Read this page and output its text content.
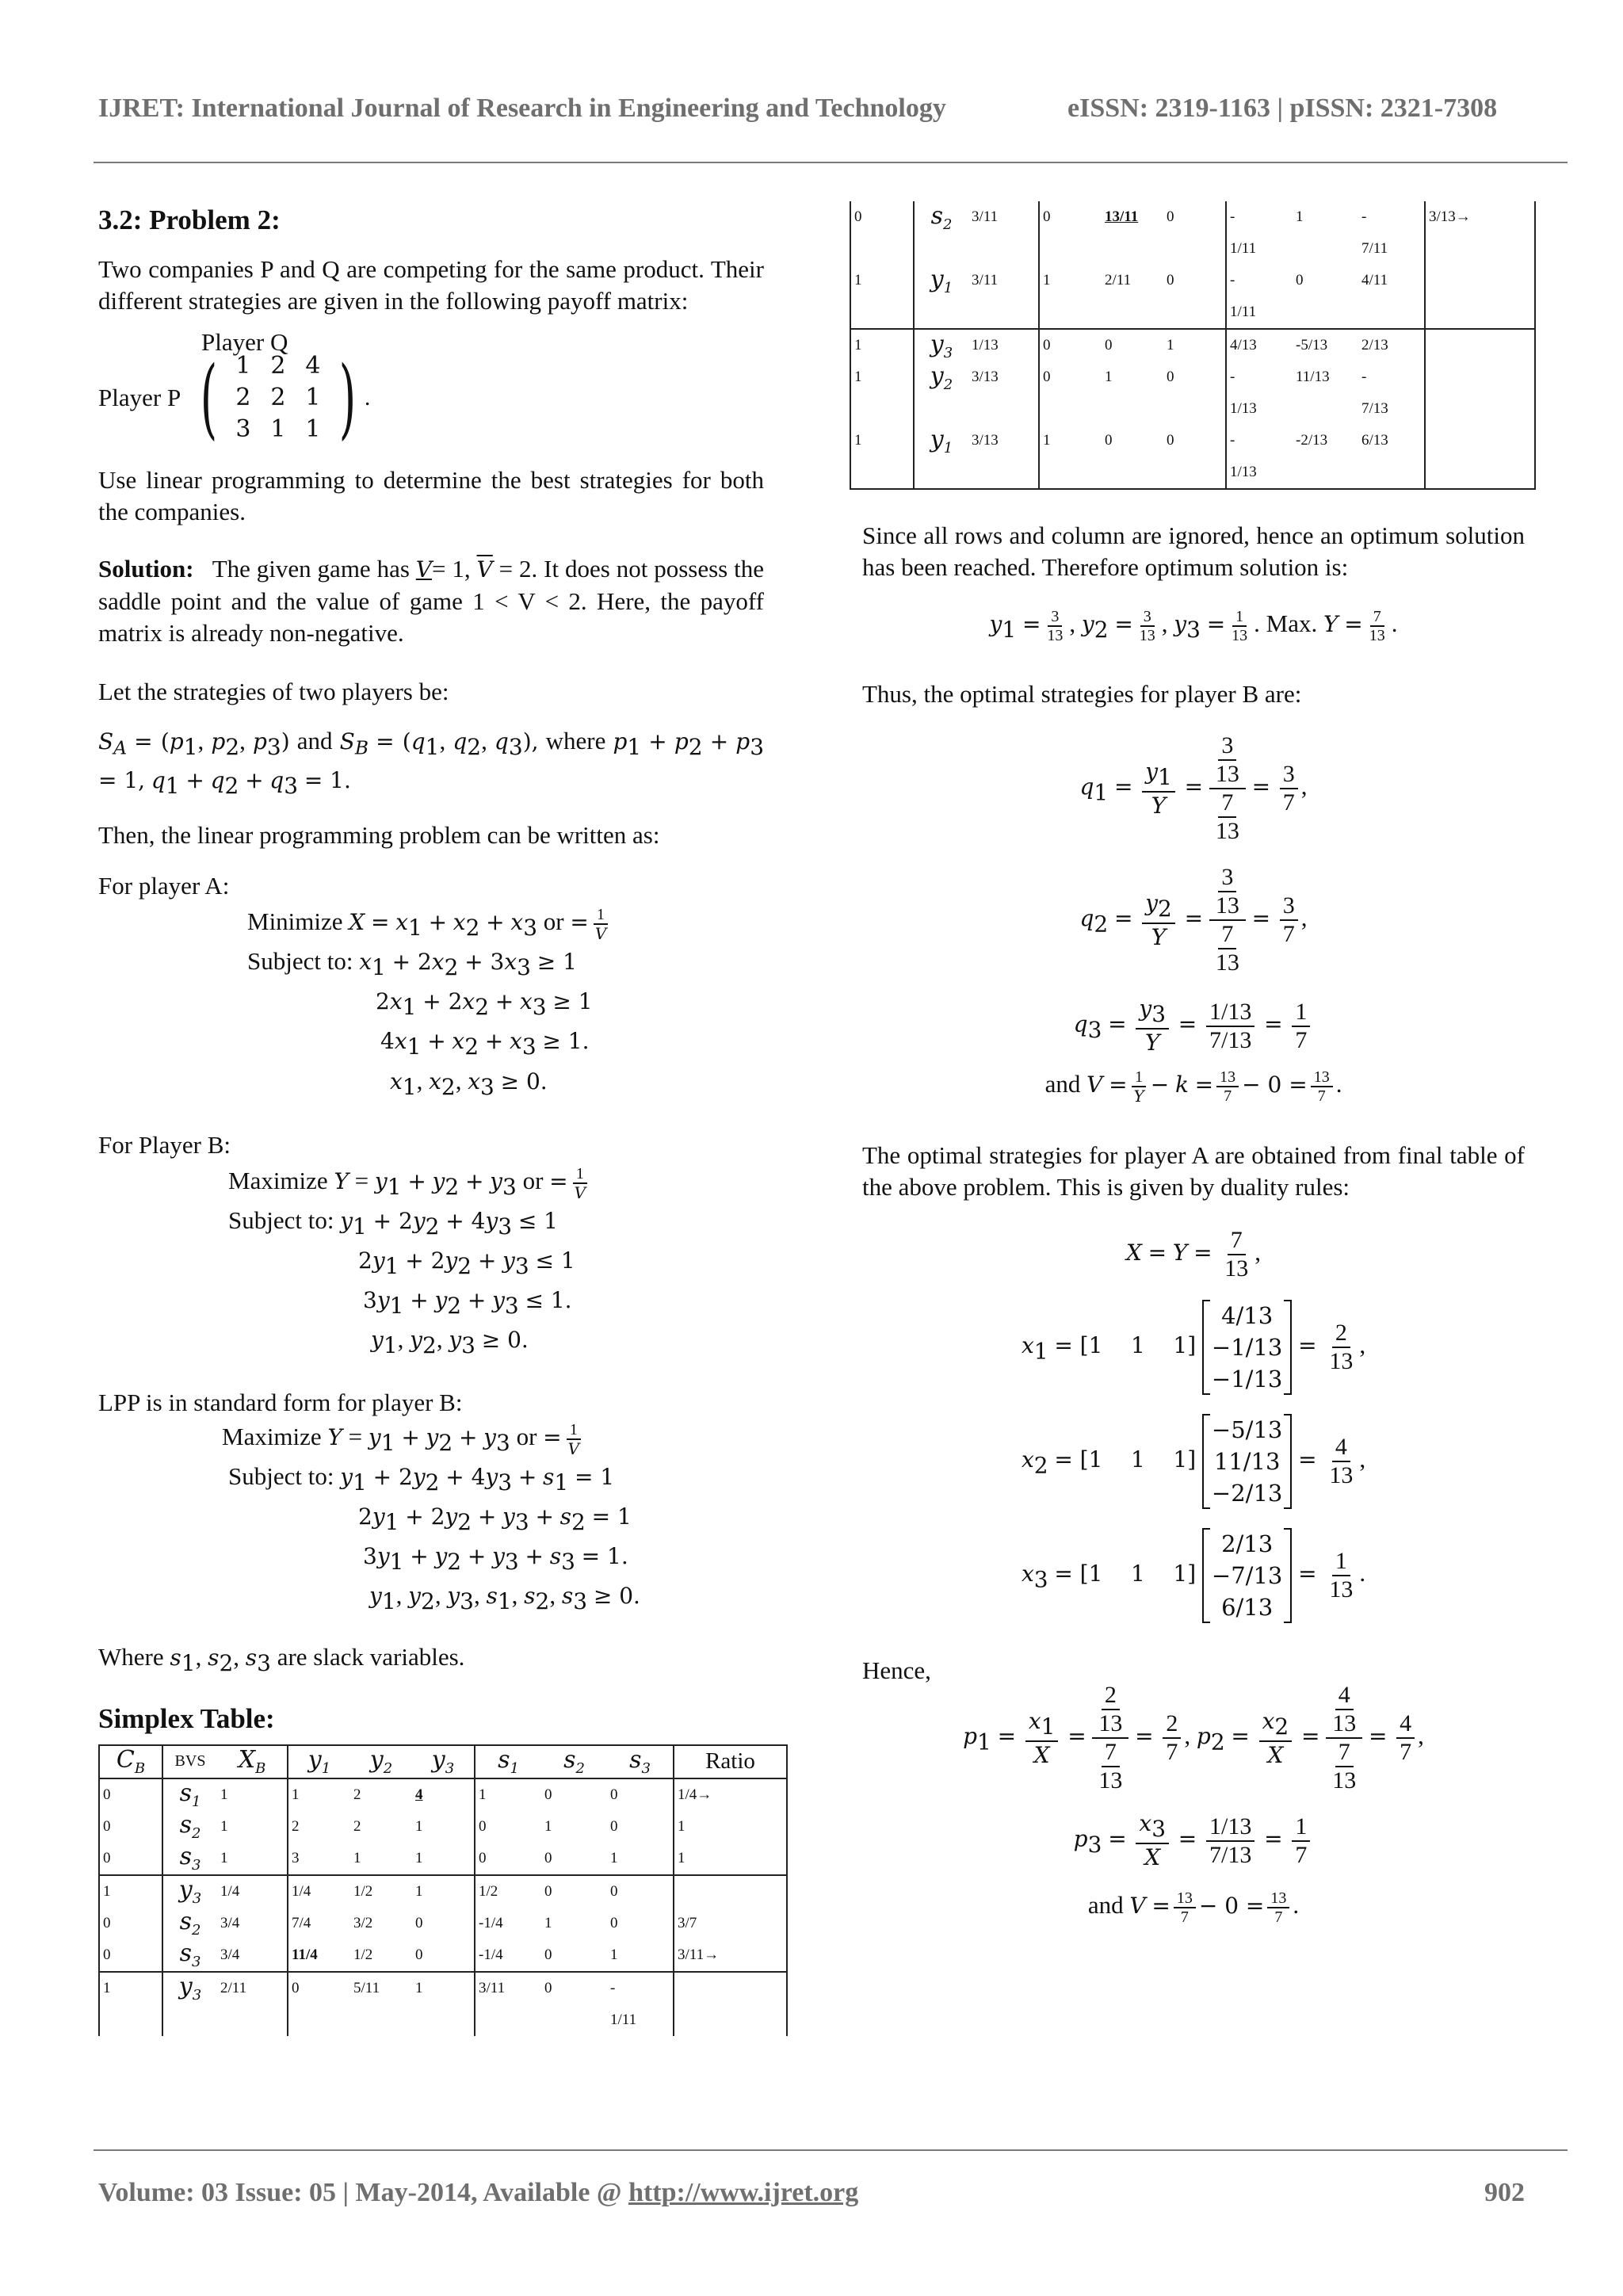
IJRET: International Journal of Research in Engineering and Technology	eISSN: 2319-1163 | pISSN: 2321-7308

3.2: Problem 2:

Two companies P and Q are competing for the same product. Their different strategies are given in the following payoff matrix:

Player Q
Player P ( 1 2 4
2 2 1
3 1 1 ) .

Use linear programming to determine the best strategies for both the companies.

Solution: The given game has V= 1, $\overline{V} = 2$. It does not possess the saddle point and the value of game 1 < V < 2. Here, the payoff matrix is already non-negative.

Let the strategies of two players be:

$S_A = (p_1$, $p_2$, $p_3$) and $S_B = (q_1$, $q_2$, $q_3$), where $p_1 + p_2 + p_3 = 1$, $q_1 + q_2 + q_3 = 1$.

Then, the linear programming problem can be written as:

For player A:

Minimize $X = x_1 + x_2 + x_3$ or = $\frac{1}{V}$
Subject to: $x_1 + 2x_2 + 3x_3 \ge 1$
$2x_1 + 2x_2 + x_3 \ge 1$
$4x_1 + x_2 + x_3 \ge 1$.
$x_1$, $x_2$, $x_3 \ge 0$.

For Player B:

Maximize $Y = y_1 + y_2 + y_3$ or = $\frac{1}{V}$
Subject to: $y_1 + 2y_2 + 4y_3 \le 1$
$2y_1 + 2y_2 + y_3 \le 1$
$3y_1 + y_2 + y_3 \le 1$.
$y_1$, $y_2$, $y_3 \ge 0$.

LPP is in standard form for player B:

Maximize $Y = y_1 + y_2 + y_3$ or = $\frac{1}{V}$
Subject to: $y_1 + 2y_2 + 4y_3 + s_1 = 1$
$2y_1 + 2y_2 + y_3 + s_2 = 1$
$3y_1 + y_2 + y_3 + s_3 = 1$.
$y_1$, $y_2$, $y_3$, $s_1$, $s_2$, $s_3 \ge 0$.

Where $s_1$, $s_2$, $s_3$ are slack variables.

Simplex Table:

$C_B$	BVS	$X_B$	$y_1$	$y_2$	$y_3$	$s_1$	$s_2$	$s_3$	Ratio
0	$s_1$	1	1	2	4	1	0	0	1/4→
0	$s_2$	1	2	2	1	0	1	0	1
0	$s_3$	1	3	1	1	0	0	1	1
1	$y_3$	1/4	1/4	1/2	1	1/2	0	0	
0	$s_2$	3/4	7/4	3/2	0	-1/4	1	0	3/7
0	$s_3$	3/4	11/4	1/2	0	-1/4	0	1	3/11→
1	$y_3$	2/11	0	5/11	1	3/11	0	-	
								1/11	
0	$s_2$	3/11	0	13/11	0	-	1	-	3/13→
						1/11		7/11	
1	$y_1$	3/11	1	2/11	0	-	0	4/11	
						1/11			
1	$y_3$	1/13	0	0	1	4/13	-5/13	2/13	
1	$y_2$	3/13	0	1	0	-	11/13	-	
						1/13		7/13	
1	$y_1$	3/13	1	0	0	-	-2/13	6/13	
						1/13			

Since all rows and column are ignored, hence an optimum solution has been reached. Therefore optimum solution is:

$y_1 = \frac{3}{13}$ , $y_2 = \frac{3}{13}$ , $y_3 = \frac{1}{13}$ . Max. $Y = \frac{7}{13}$ .

Thus, the optimal strategies for player B are:

$q_1 = \frac{y_1}{Y} = \frac{\frac{3}{13}}{\frac{7}{13}} = \frac{3}{7}$ ,
$q_2 = \frac{y_2}{Y} = \frac{\frac{3}{13}}{\frac{7}{13}} = \frac{3}{7}$ ,
$q_3 = \frac{y_3}{Y} = \frac{1/13}{7/13} = \frac{1}{7}$
and $V = \frac{1}{Y} - k = \frac{13}{7} - 0 = \frac{13}{7}$ .

The optimal strategies for player A are obtained from final table of the above problem. This is given by duality rules:

$X = Y = \frac{7}{13}$ ,
$x_1 = [1$    1    1]
4/13
−1/13
−1/13
= $\frac{2}{13}$ ,
$x_2 = [1$    1    1]
−5/13
11/13
−2/13
= $\frac{4}{13}$ ,
$x_3 = [1$    1    1]
2/13
−7/13
6/13
= $\frac{1}{13}$ .

Hence,

$p_1 = \frac{x_1}{X} = \frac{\frac{2}{13}}{\frac{7}{13}} = \frac{2}{7}$ , $p_2 = \frac{x_2}{X} = \frac{\frac{4}{13}}{\frac{7}{13}} = \frac{4}{7}$ ,
$p_3 = \frac{x_3}{X} = \frac{1/13}{7/13} = \frac{1}{7}$
and $V = \frac{13}{7} - 0 = \frac{13}{7}$ .
Volume: 03 Issue: 05 | May-2014, Available @ http://www.ijret.org	902
